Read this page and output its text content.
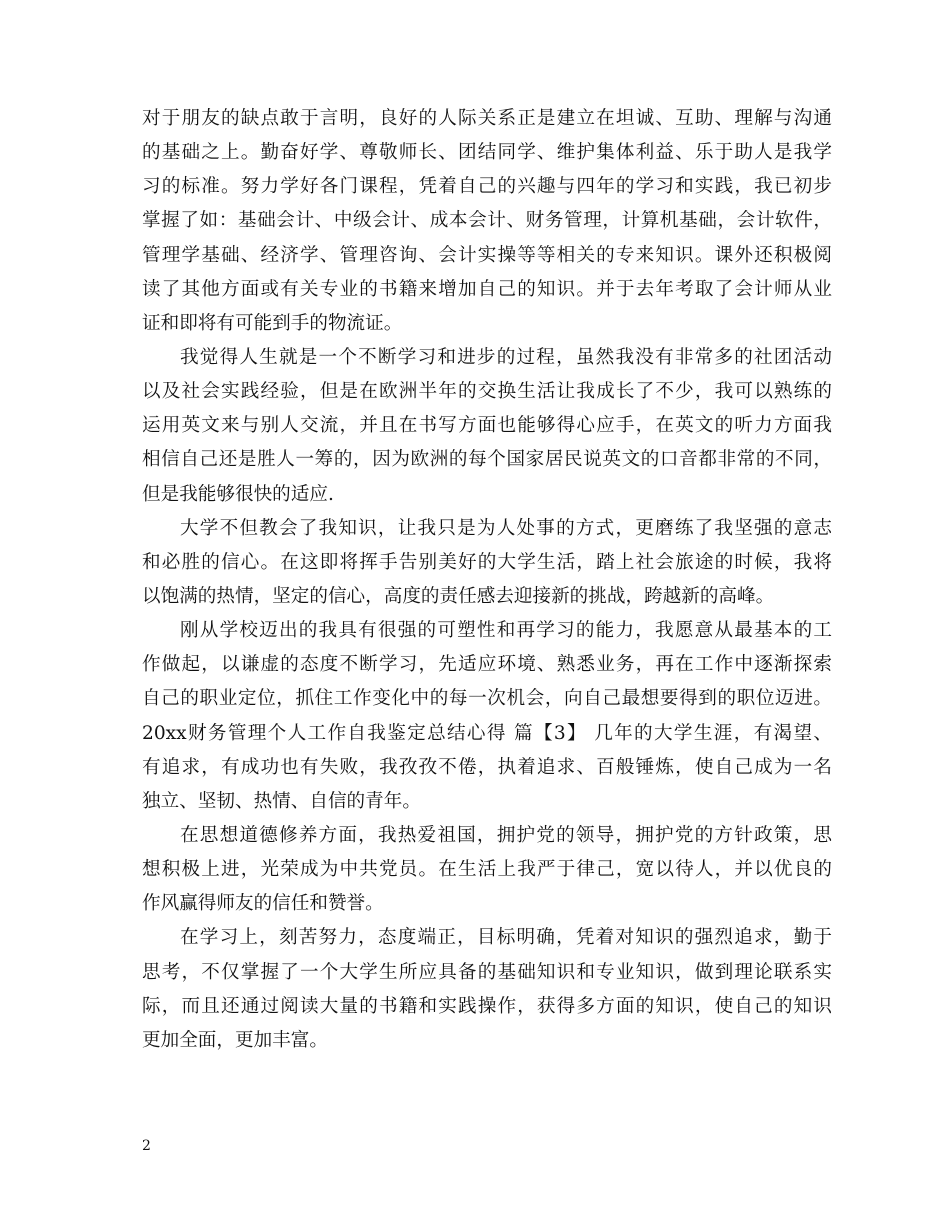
对于朋友的缺点敢于言明，良好的人际关系正是建立在坦诚、互助、理解与沟通
的基础之上。勤奋好学、尊敬师长、团结同学、维护集体利益、乐于助人是我学
习的标准。努力学好各门课程，凭着自己的兴趣与四年的学习和实践，我已初步
掌握了如：基础会计、中级会计、成本会计、财务管理，计算机基础，会计软件，
管理学基础、经济学、管理咨询、会计实操等等相关的专来知识。课外还积极阅
读了其他方面或有关专业的书籍来增加自己的知识。并于去年考取了会计师从业
证和即将有可能到手的物流证。
我觉得人生就是一个不断学习和进步的过程，虽然我没有非常多的社团活动
以及社会实践经验，但是在欧洲半年的交换生活让我成长了不少，我可以熟练的
运用英文来与别人交流，并且在书写方面也能够得心应手，在英文的听力方面我
相信自己还是胜人一筹的，因为欧洲的每个国家居民说英文的口音都非常的不同，
但是我能够很快的适应.
大学不但教会了我知识，让我只是为人处事的方式，更磨练了我坚强的意志
和必胜的信心。在这即将挥手告别美好的大学生活，踏上社会旅途的时候，我将
以饱满的热情，坚定的信心，高度的责任感去迎接新的挑战，跨越新的高峰。
刚从学校迈出的我具有很强的可塑性和再学习的能力，我愿意从最基本的工
作做起，以谦虚的态度不断学习，先适应环境、熟悉业务，再在工作中逐渐探索
自己的职业定位，抓住工作变化中的每一次机会，向自己最想要得到的职位迈进。
20xx财务管理个人工作自我鉴定总结心得 篇【3】 几年的大学生涯，有渴望、
有追求，有成功也有失败，我孜孜不倦，执着追求、百般锤炼，使自己成为一名
独立、坚韧、热情、自信的青年。
在思想道德修养方面，我热爱祖国，拥护党的领导，拥护党的方针政策，思
想积极上进，光荣成为中共党员。在生活上我严于律己，宽以待人，并以优良的
作风赢得师友的信任和赞誉。
在学习上，刻苦努力，态度端正，目标明确，凭着对知识的强烈追求，勤于
思考，不仅掌握了一个大学生所应具备的基础知识和专业知识，做到理论联系实
际，而且还通过阅读大量的书籍和实践操作，获得多方面的知识，使自己的知识
更加全面，更加丰富。
2
